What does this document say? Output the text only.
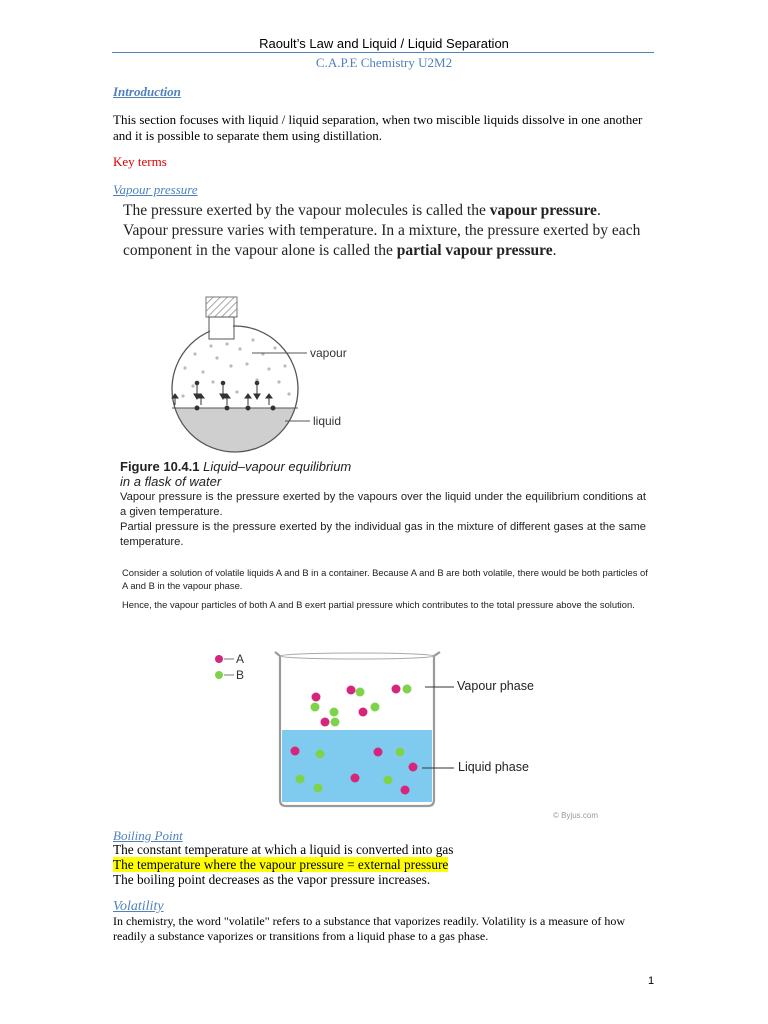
Raoult’s Law and Liquid / Liquid Separation
C.A.P.E Chemistry U2M2
Introduction
This section focuses with liquid / liquid separation, when two miscible liquids dissolve in one another and it is possible to separate them using distillation.
Key terms
Vapour pressure
The pressure exerted by the vapour molecules is called the vapour pressure. Vapour pressure varies with temperature. In a mixture, the pressure exerted by each component in the vapour alone is called the partial vapour pressure.
vapour
liquid
Figure 10.4.1 Liquid–vapour equilibrium
in a flask of water
Vapour pressure is the pressure exerted by the vapours over the liquid under the equilibrium conditions at a given temperature.
Partial pressure is the pressure exerted by the individual gas in the mixture of different gases at the same temperature.
Consider a solution of volatile liquids A and B in a container. Because A and B are both volatile, there would be both particles of A and B in the vapour phase.
Hence, the vapour particles of both A and B exert partial pressure which contributes to the total pressure above the solution.
A
B
Vapour phase
Liquid phase
© Byjus.com
Boiling Point
The constant temperature at which a liquid is converted into gas
The temperature where the vapour pressure = external pressure
The boiling point decreases as the vapor pressure increases.
Volatility
In chemistry, the word "volatile" refers to a substance that vaporizes readily. Volatility is a measure of how readily a substance vaporizes or transitions from a liquid phase to a gas phase.
1
